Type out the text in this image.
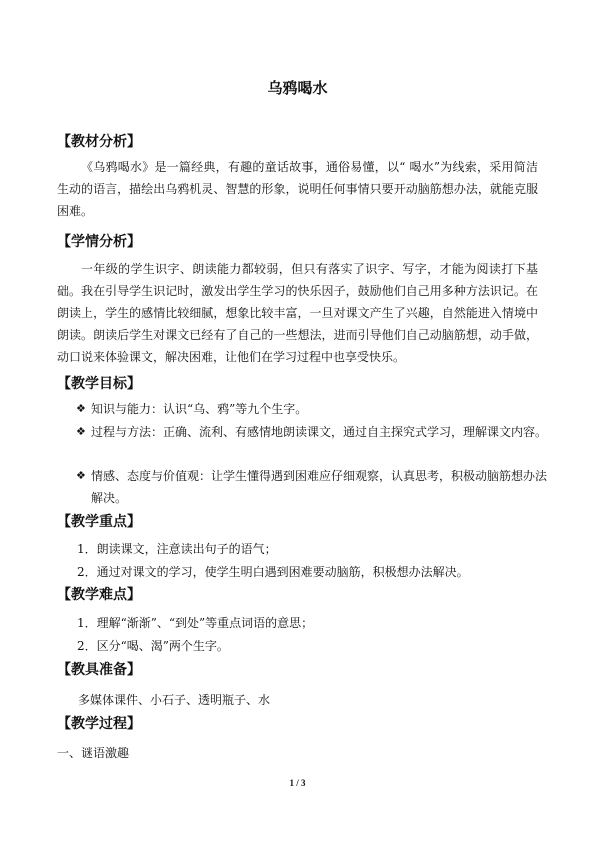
乌鸦喝水
【教材分析】
《乌鸦喝水》是一篇经典，有趣的童话故事，通俗易懂，以“ 喝水”为线索，采用简洁生动的语言，描绘出乌鸦机灵、智慧的形象，说明任何事情只要开动脑筋想办法，就能克服困难。
【学情分析】
一年级的学生识字、朗读能力都较弱，但只有落实了识字、写字，才能为阅读打下基础。我在引导学生识记时，激发出学生学习的快乐因子，鼓励他们自己用多种方法识记。在朗读上，学生的感情比较细腻，想象比较丰富，一旦对课文产生了兴趣，自然能进入情境中朗读。朗读后学生对课文已经有了自己的一些想法，进而引导他们自己动脑筋想，动手做，动口说来体验课文，解决困难，让他们在学习过程中也享受快乐。
【教学目标】
❖ 知识与能力：认识“乌、鸦”等九个生字。
❖ 过程与方法：正确、流利、有感情地朗读课文，通过自主探究式学习，理解课文内容。
❖ 情感、态度与价值观：让学生懂得遇到困难应仔细观察，认真思考，积极动脑筋想办法解决。
【教学重点】
1．朗读课文，注意读出句子的语气；
2．通过对课文的学习，使学生明白遇到困难要动脑筋，积极想办法解决。
【教学难点】
1．理解“渐渐”、“到处”等重点词语的意思；
2．区分“喝、渴”两个生字。
【教具准备】
多媒体课件、小石子、透明瓶子、水
【教学过程】
一、谜语激趣
1 / 3
